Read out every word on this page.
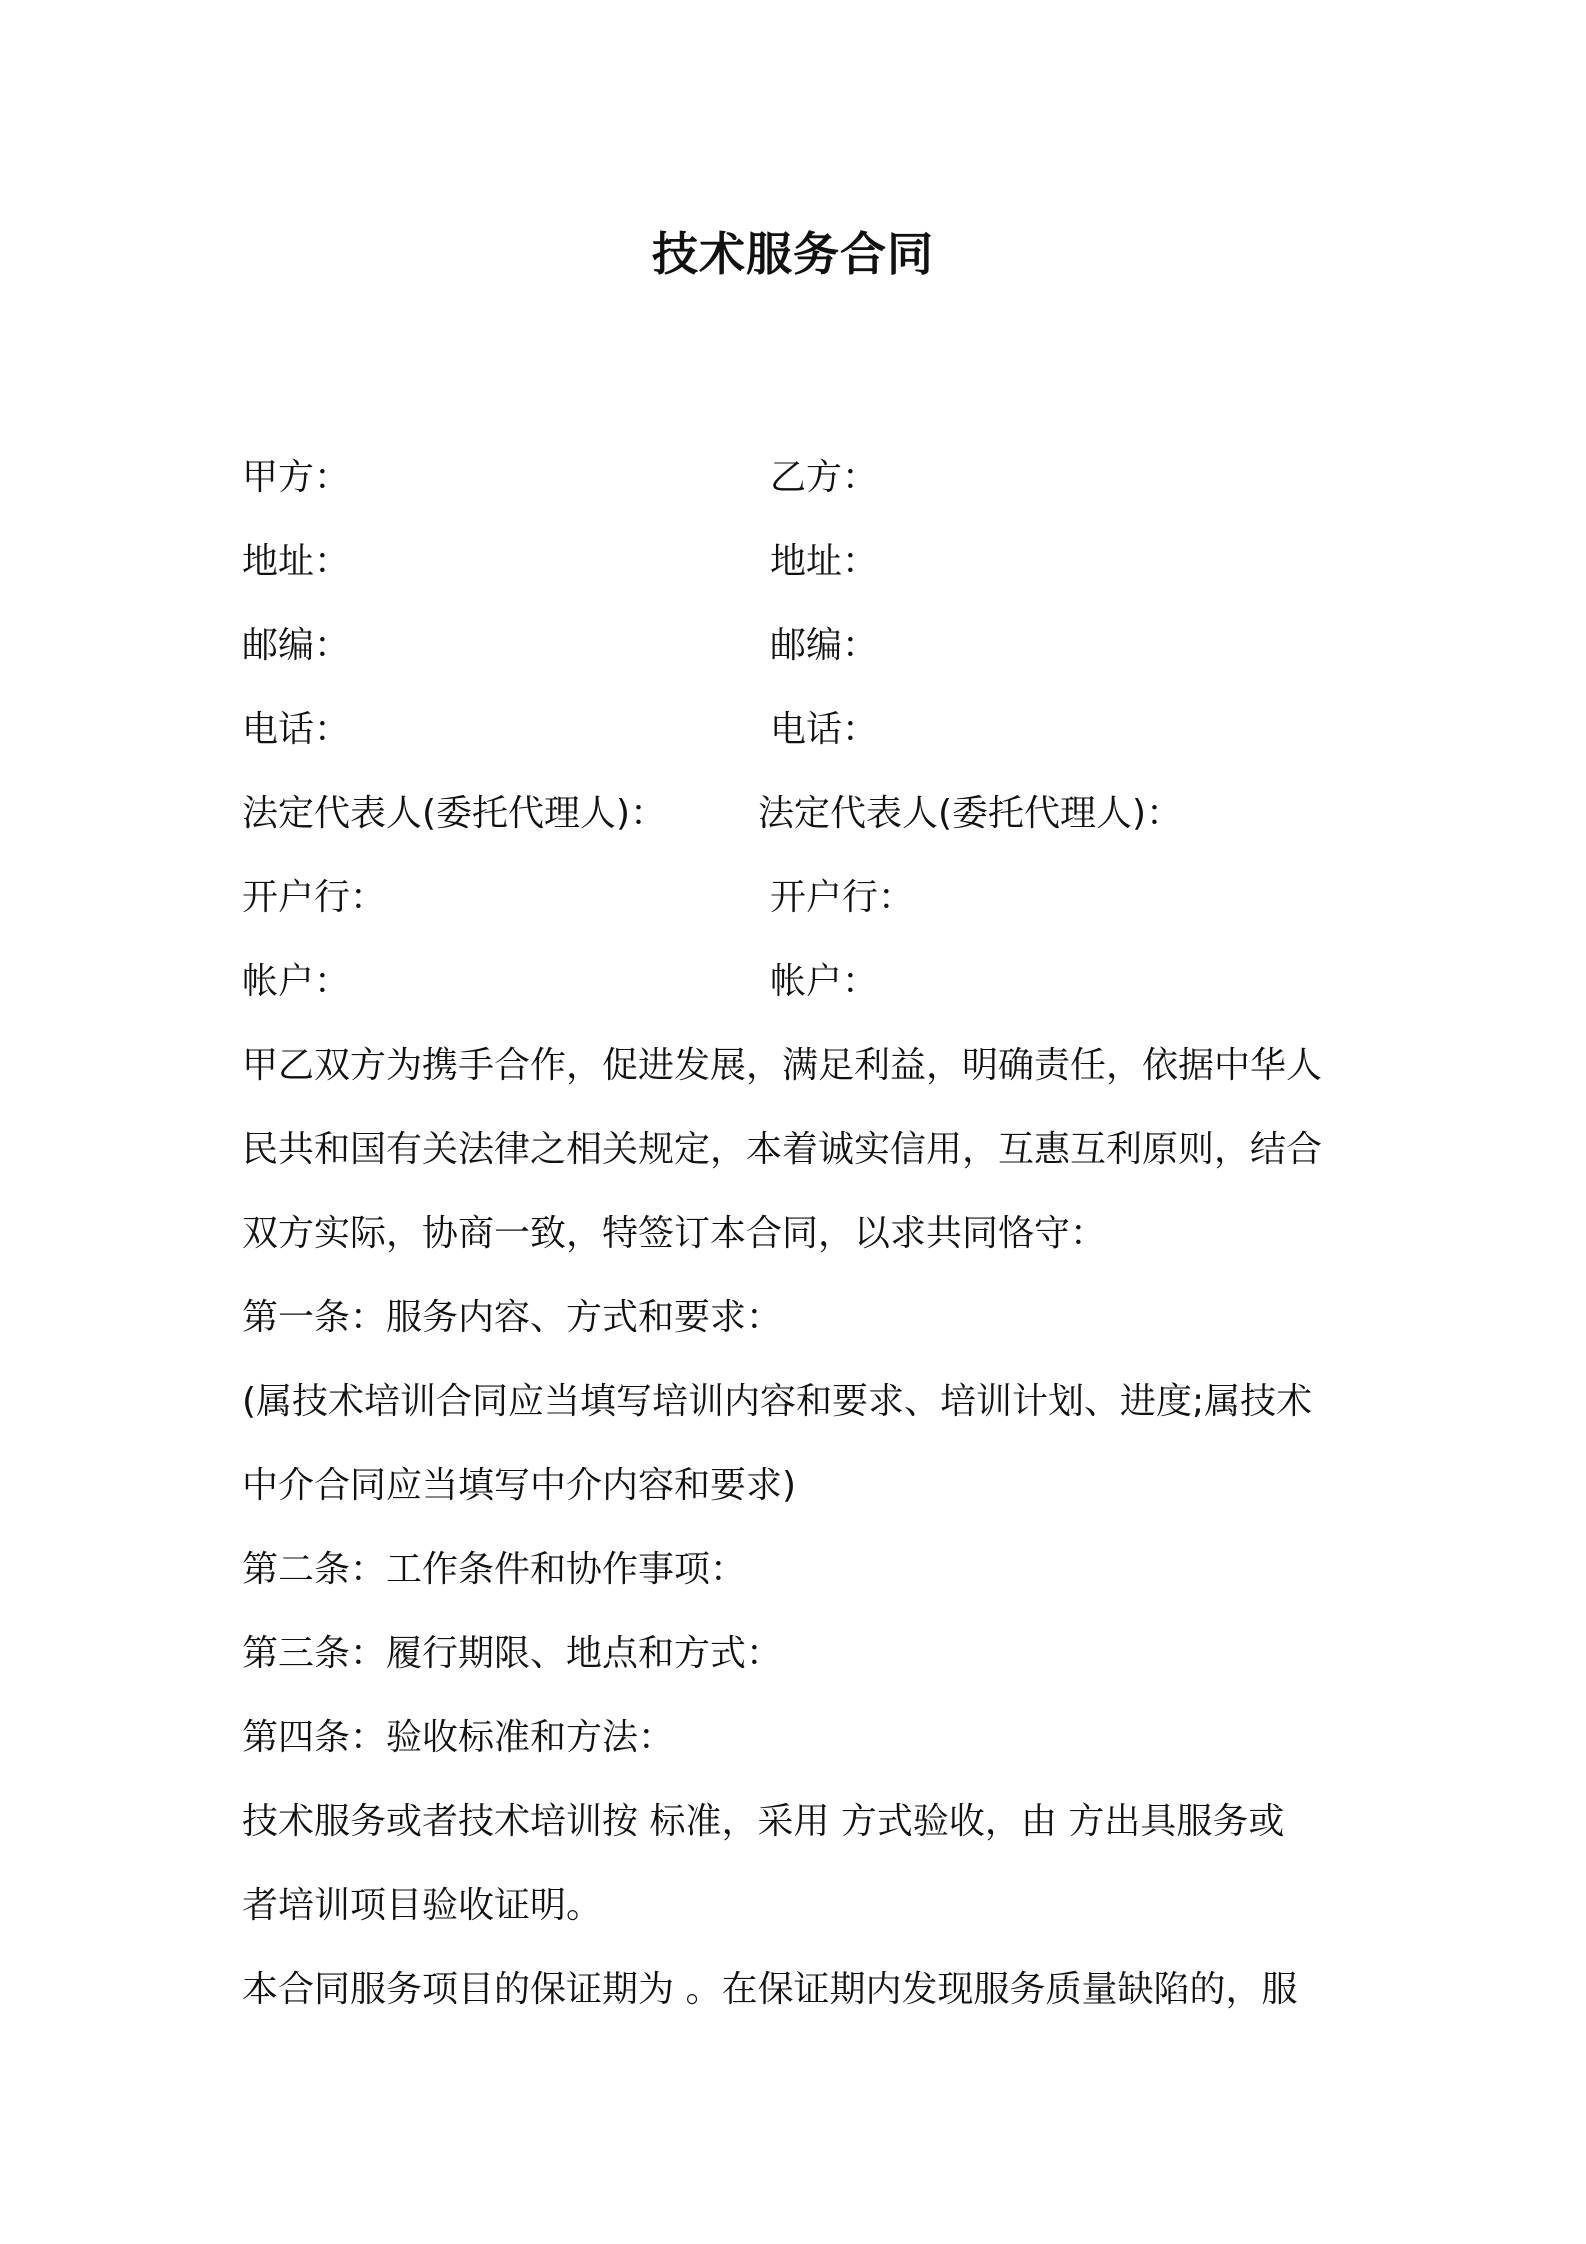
技术服务合同
甲方：	乙方：
地址：	地址：
邮编：	邮编：
电话：	电话：
法定代表人(委托代理人)：	法定代表人(委托代理人)：
开户行：	开户行：
帐户：	帐户：
甲乙双方为携手合作，促进发展，满足利益，明确责任，依据中华人
民共和国有关法律之相关规定，本着诚实信用，互惠互利原则，结合
双方实际，协商一致，特签订本合同，以求共同恪守：
第一条：服务内容、方式和要求：
(属技术培训合同应当填写培训内容和要求、培训计划、进度;属技术
中介合同应当填写中介内容和要求)
第二条：工作条件和协作事项：
第三条：履行期限、地点和方式：
第四条：验收标准和方法：
技术服务或者技术培训按 标准，采用 方式验收，由 方出具服务或
者培训项目验收证明。
本合同服务项目的保证期为 。在保证期内发现服务质量缺陷的，服
